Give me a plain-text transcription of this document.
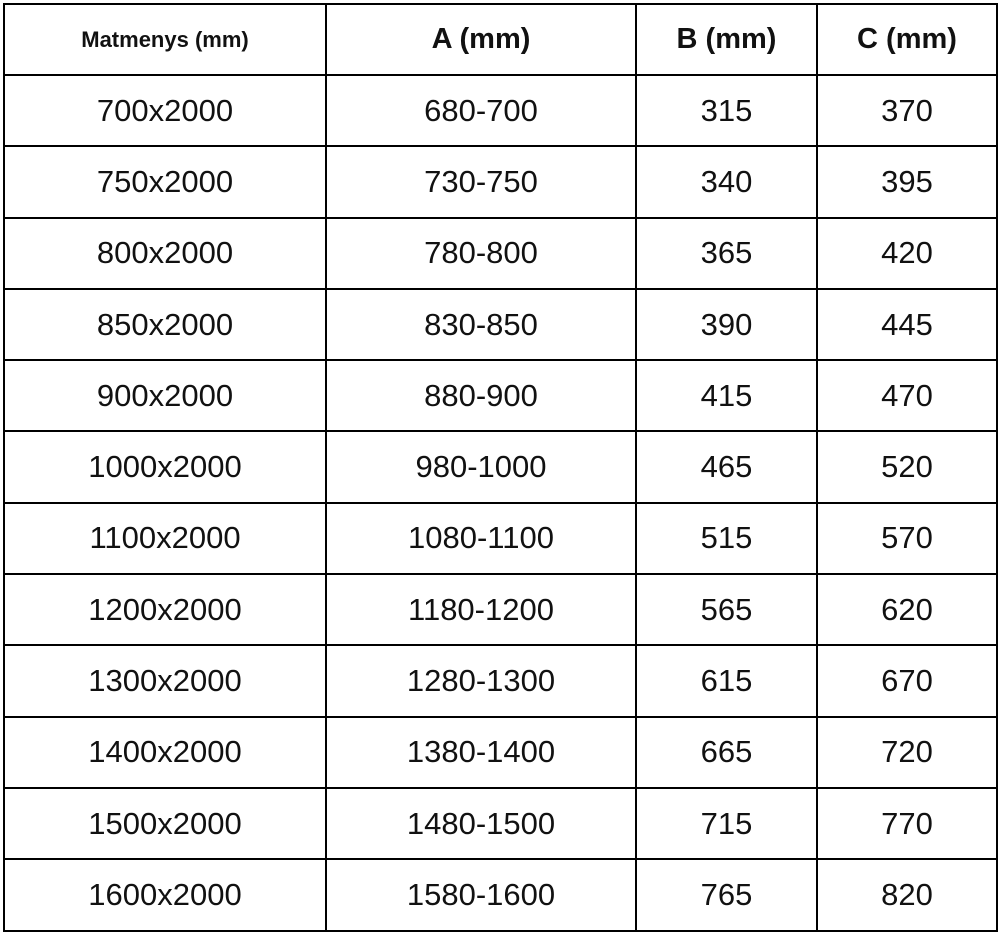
Matmenys (mm)	A (mm)	B (mm)	C (mm)
700x2000	680-700	315	370
750x2000	730-750	340	395
800x2000	780-800	365	420
850x2000	830-850	390	445
900x2000	880-900	415	470
1000x2000	980-1000	465	520
1100x2000	1080-1100	515	570
1200x2000	1180-1200	565	620
1300x2000	1280-1300	615	670
1400x2000	1380-1400	665	720
1500x2000	1480-1500	715	770
1600x2000	1580-1600	765	820
